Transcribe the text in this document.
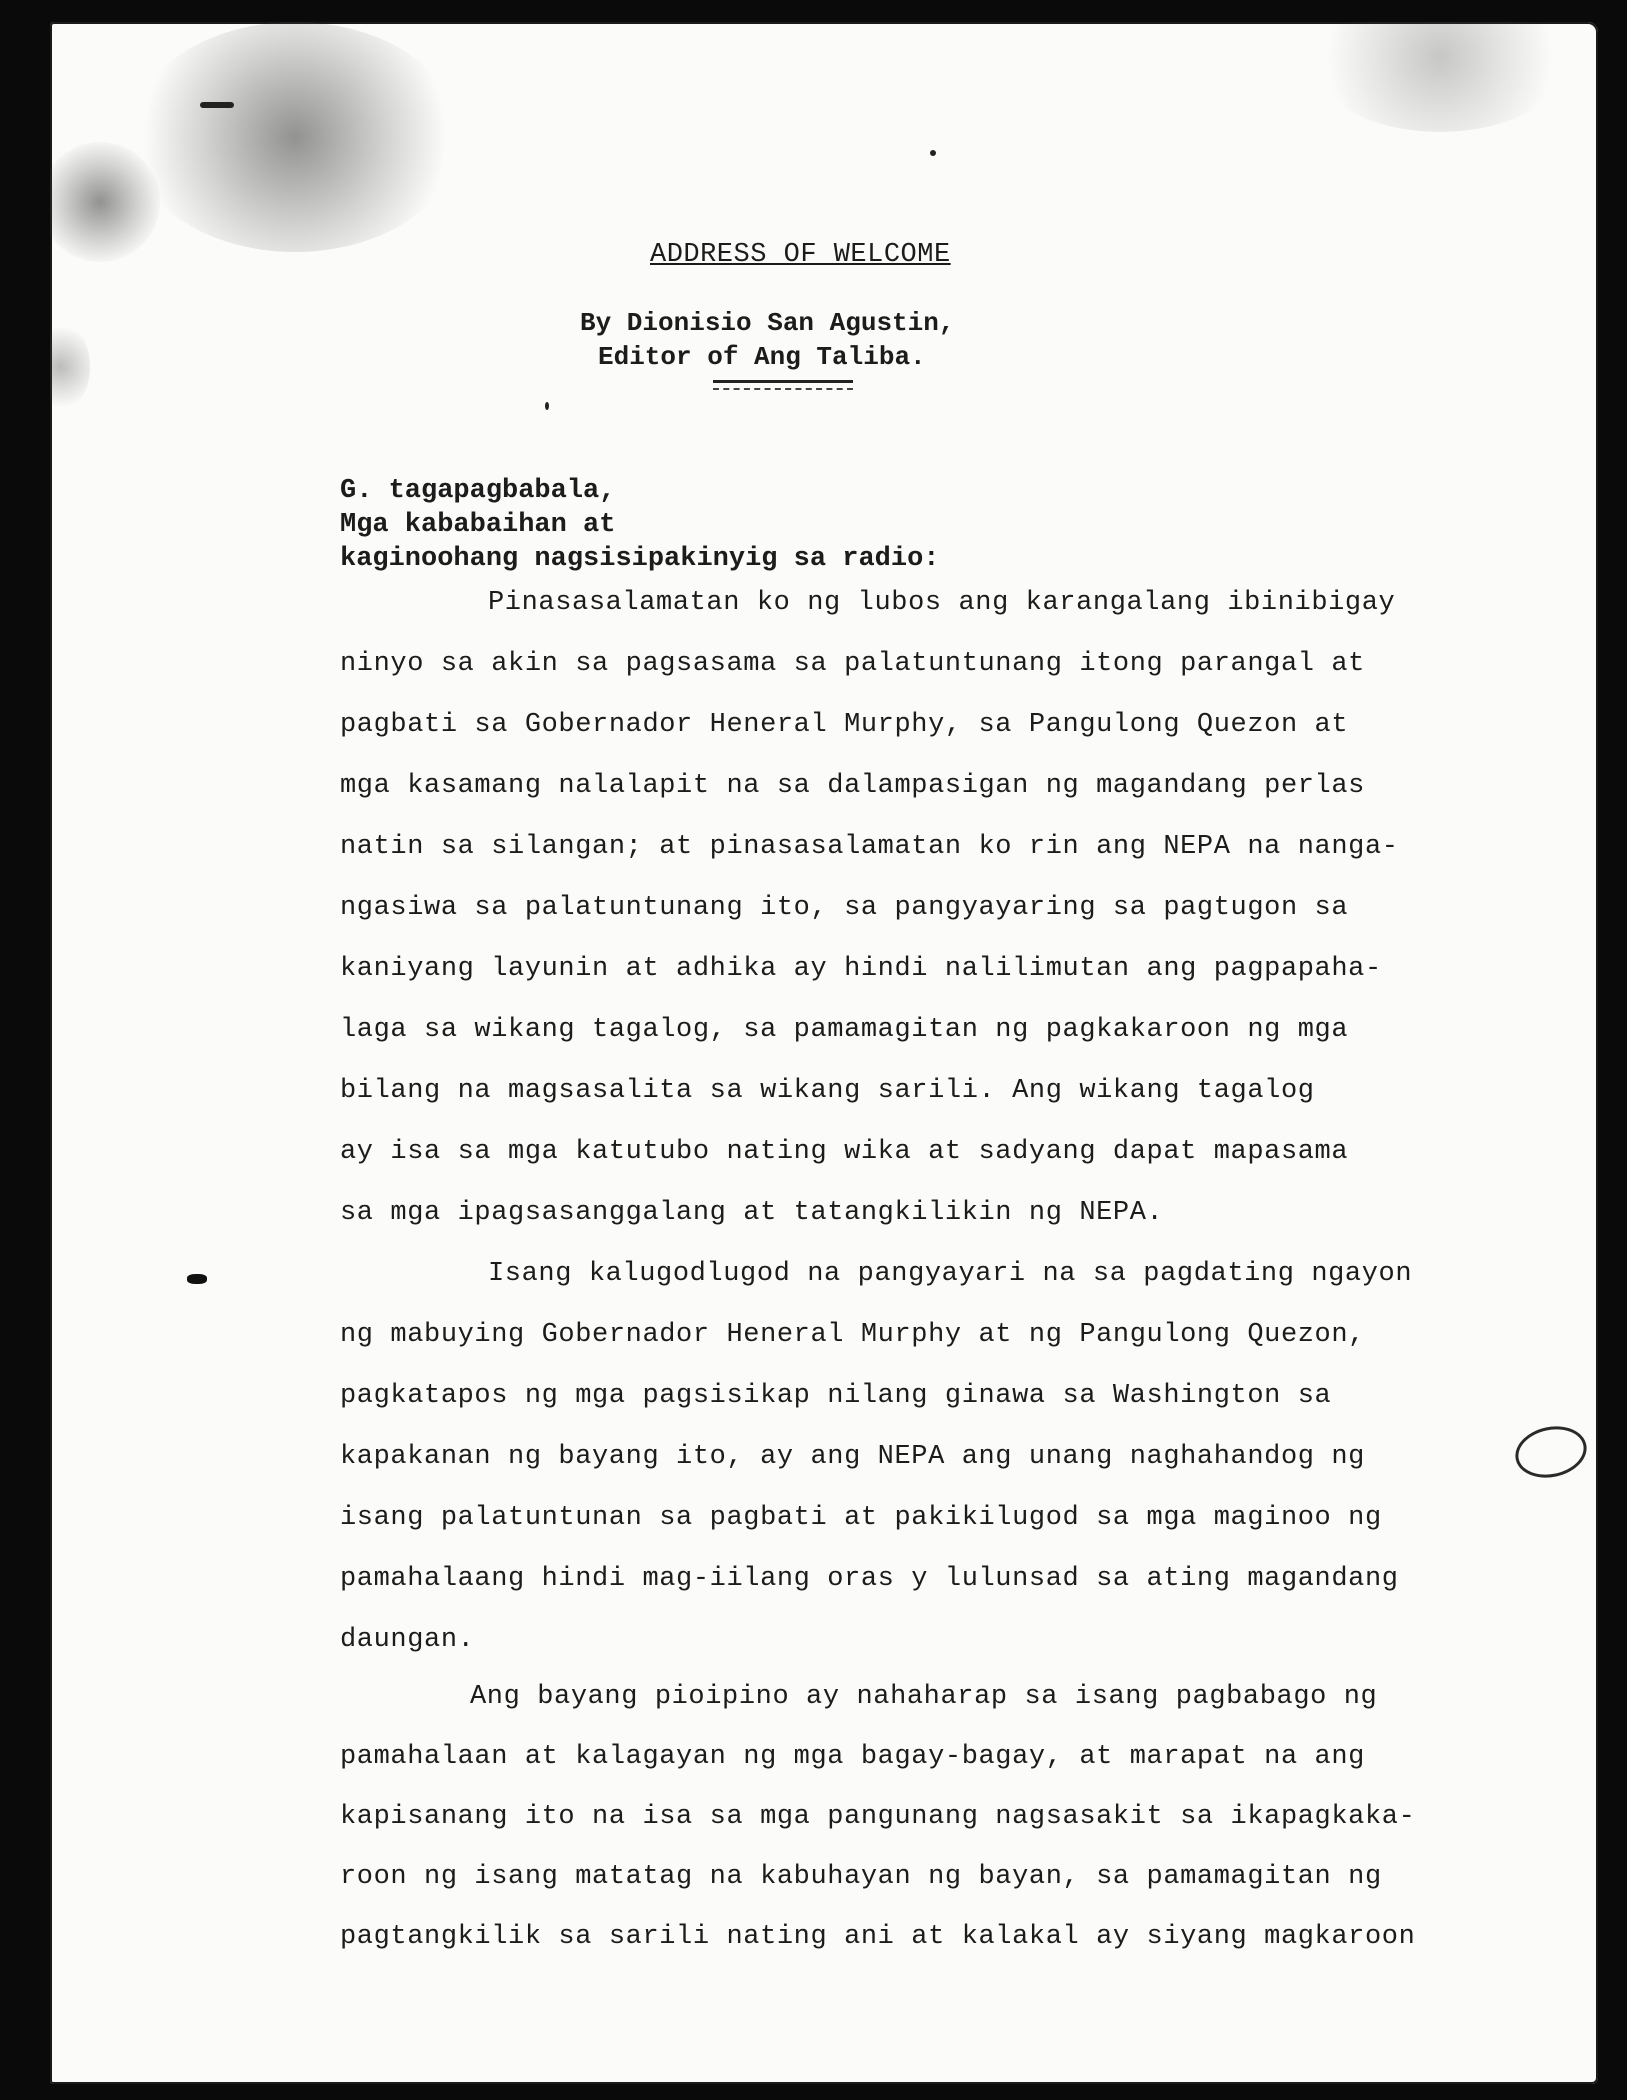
ADDRESS OF WELCOME
By Dionisio San Agustin,
Editor of Ang Taliba.
G. tagapagbabala,
Mga kababaihan at
kaginoohang nagsisipakinyig sa radio:
Pinasasalamatan ko ng lubos ang karangalang ibinibigay
ninyo sa akin sa pagsasama sa palatuntunang itong parangal at
pagbati sa Gobernador Heneral Murphy, sa Pangulong Quezon at
mga kasamang nalalapit na sa dalampasigan ng magandang perlas
natin sa silangan; at pinasasalamatan ko rin ang NEPA na nanga-
ngasiwa sa palatuntunang ito, sa pangyayaring sa pagtugon sa
kaniyang layunin at adhika ay hindi nalilimutan ang pagpapaha-
laga sa wikang tagalog, sa pamamagitan ng pagkakaroon ng mga
bilang na magsasalita sa wikang sarili. Ang wikang tagalog
ay isa sa mga katutubo nating wika at sadyang dapat mapasama
sa mga ipagsasanggalang at tatangkilikin ng NEPA.
Isang kalugodlugod na pangyayari na sa pagdating ngayon
ng mabuying Gobernador Heneral Murphy at ng Pangulong Quezon,
pagkatapos ng mga pagsisikap nilang ginawa sa Washington sa
kapakanan ng bayang ito, ay ang NEPA ang unang naghahandog ng
isang palatuntunan sa pagbati at pakikilugod sa mga maginoo ng
pamahalaang hindi mag-iilang oras y lulunsad sa ating magandang
daungan.
Ang bayang pioipino ay nahaharap sa isang pagbabago ng
pamahalaan at kalagayan ng mga bagay-bagay, at marapat na ang
kapisanang ito na isa sa mga pangunang nagsasakit sa ikapagkaka-
roon ng isang matatag na kabuhayan ng bayan, sa pamamagitan ng
pagtangkilik sa sarili nating ani at kalakal ay siyang magkaroon
